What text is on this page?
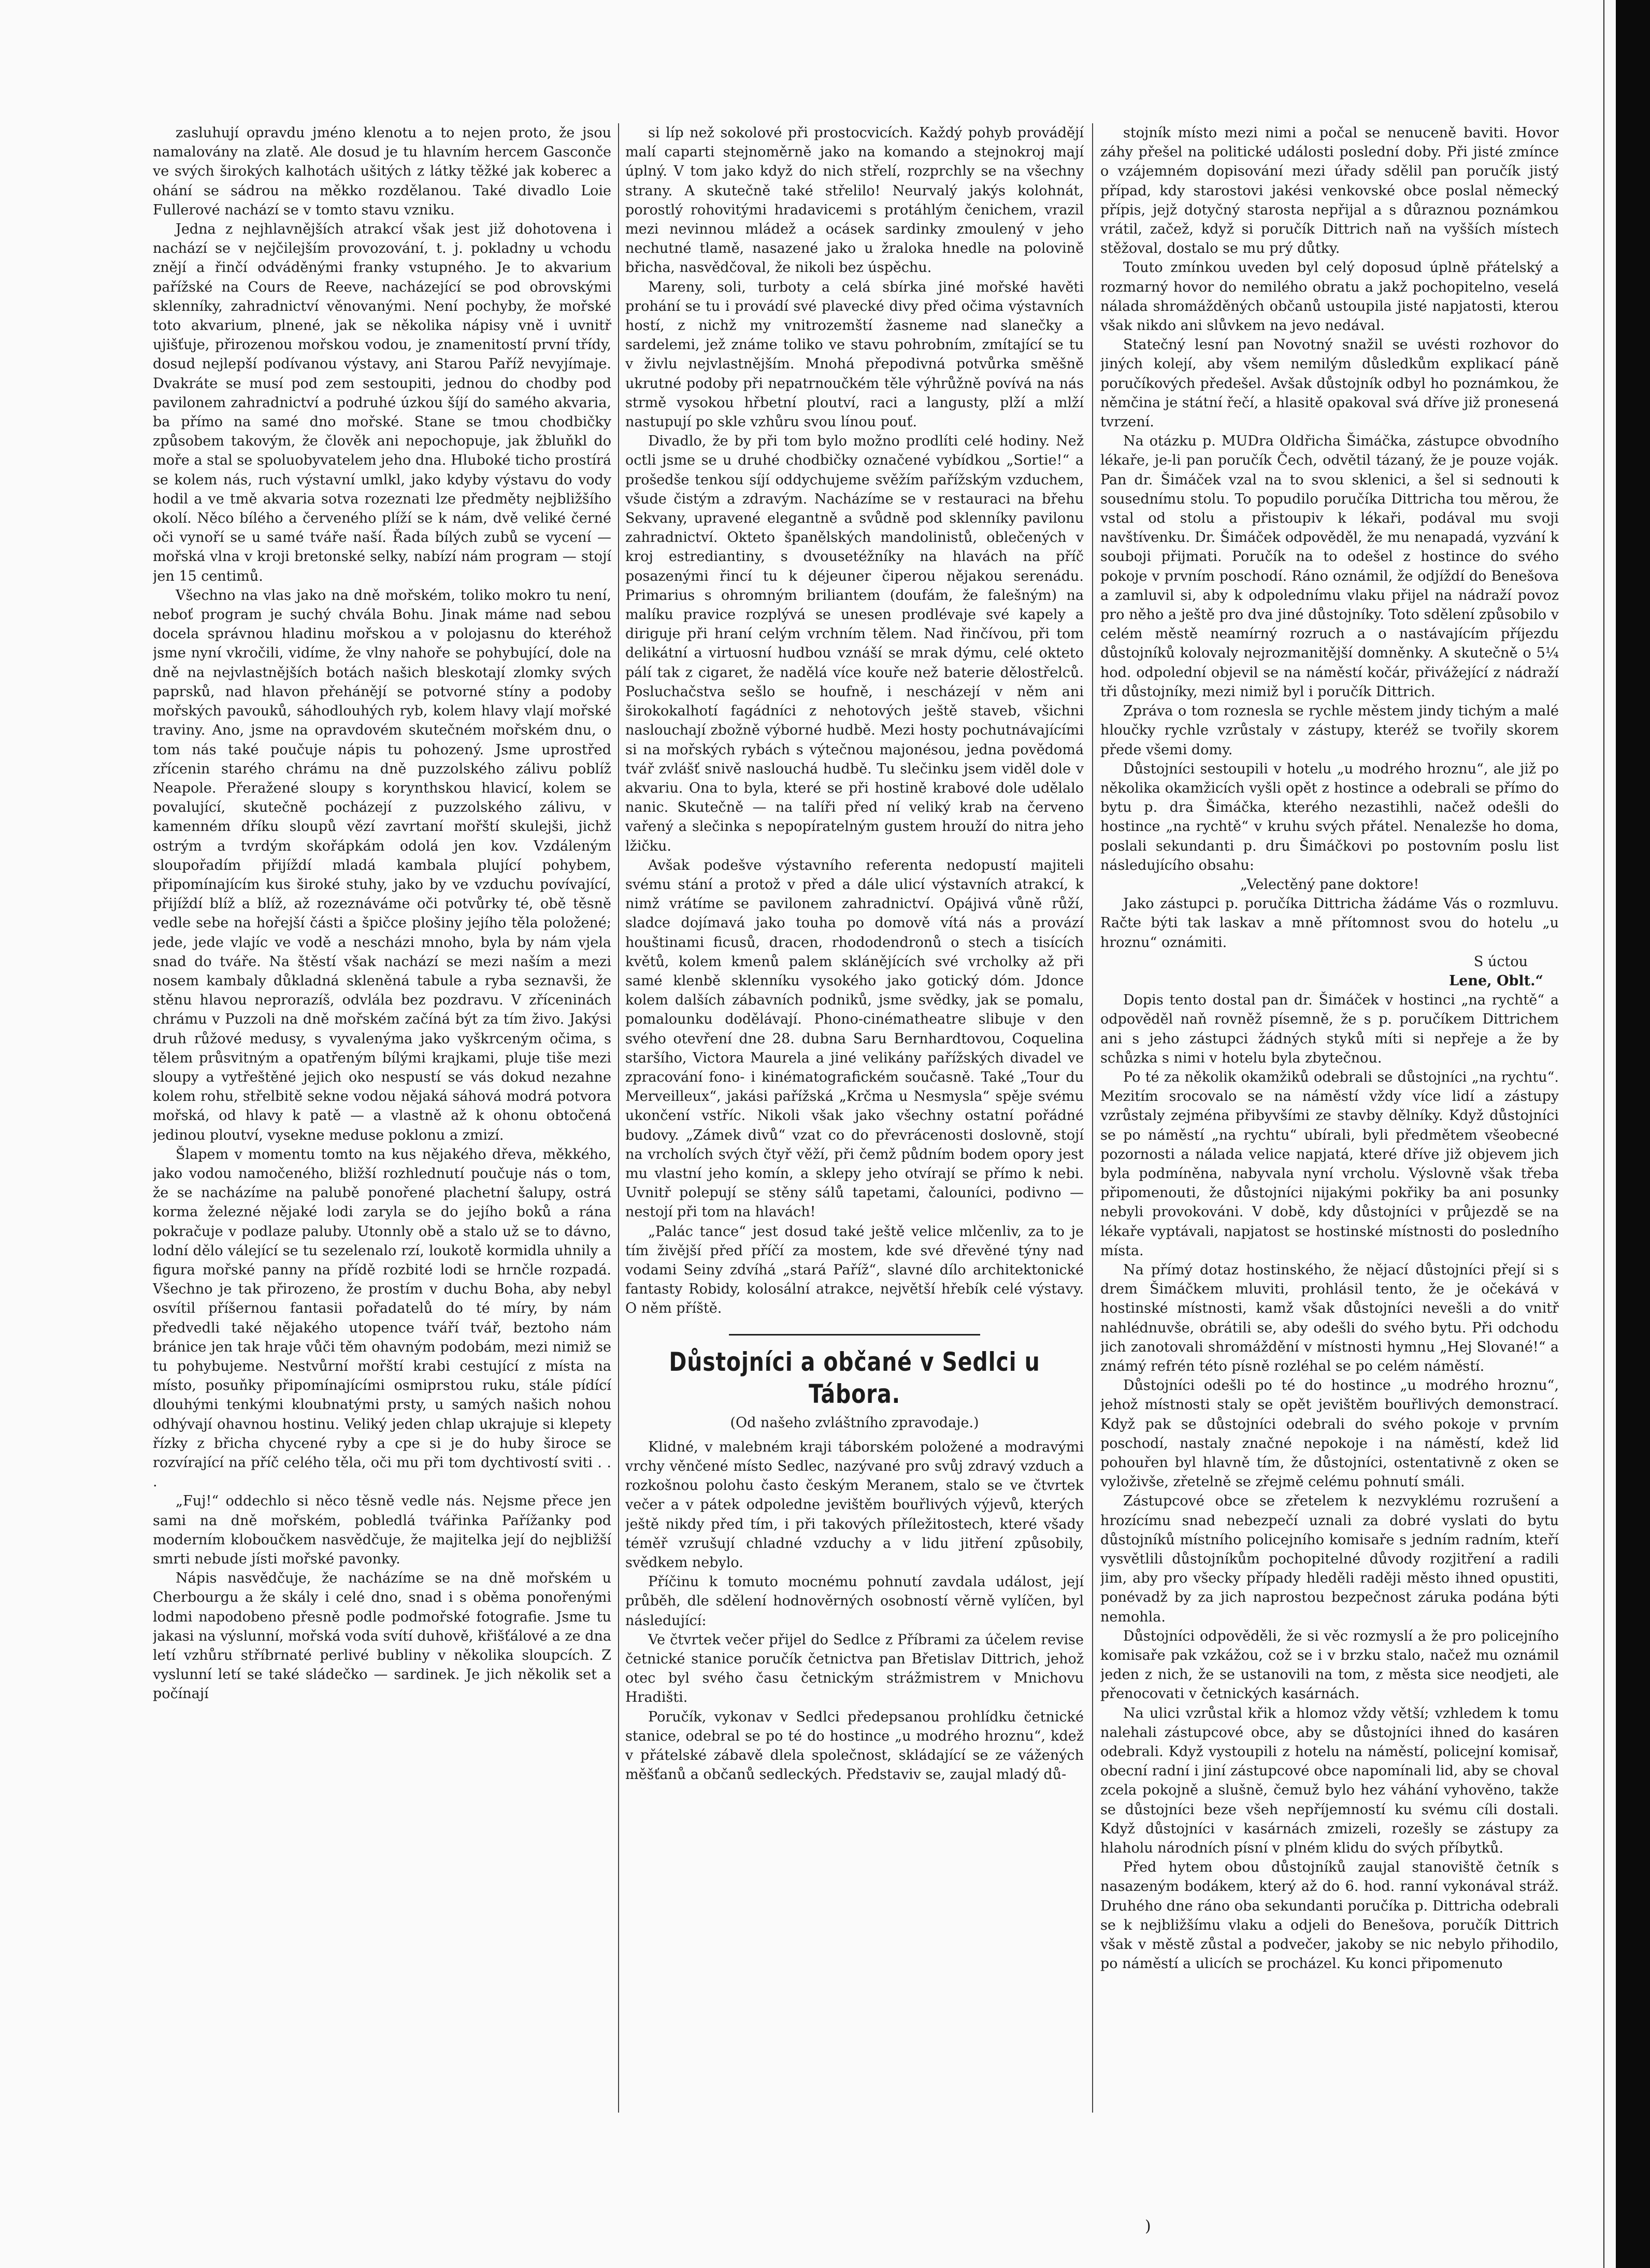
zasluhují opravdu jméno klenotu a to nejen proto, že jsou namalovány na zlatě. Ale dosud je tu hlavním hercem Gasconče ve svých širokých kalhotách ušitých z látky těžké jak koberec a ohání se sádrou na měkko rozdělanou. Také divadlo Loie Fullerové nachází se v tomto stavu vzniku.

Jedna z nejhlavnějších atrakcí však jest již dohotovena i nachází se v nejčilejším provozování, t. j. pokladny u vchodu znějí a řinčí odváděnými franky vstupného. Je to akvarium pařížské na Cours de Reeve, nacházející se pod obrovskými sklenníky, zahradnictví věnovanými. Není pochyby, že mořské toto akvarium, plnené, jak se několika nápisy vně i uvnitř ujišťuje, přirozenou mořskou vodou, je znamenitostí první třídy, dosud nejlepší podívanou výstavy, ani Starou Paříž nevyjímaje. Dvakráte se musí pod zem sestoupiti, jednou do chodby pod pavilonem zahradnictví a podruhé úzkou šíjí do samého akvaria, ba přímo na samé dno mořské. Stane se tmou chodbičky způsobem takovým, že člověk ani nepochopuje, jak žbluňkl do moře a stal se spoluobyvatelem jeho dna. Hluboké ticho prostírá se kolem nás, ruch výstavní umlkl, jako kdyby výstavu do vody hodil a ve tmě akvaria sotva rozeznati lze předměty nejbližšího okolí. Něco bílého a červeného plíží se k nám, dvě veliké černé oči vynoří se u samé tváře naší. Řada bílých zubů se vycení — mořská vlna v kroji bretonské selky, nabízí nám program — stojí jen 15 centimů.

Všechno na vlas jako na dně mořském, toliko mokro tu není, neboť program je suchý chvála Bohu. Jinak máme nad sebou docela správnou hladinu mořskou a v polojasnu do kteréhož jsme nyní vkročili, vidíme, že vlny nahoře se pohybující, dole na dně na nejvlastnějších botách našich bleskotají zlomky svých paprsků, nad hlavon přehánějí se potvorné stíny a podoby mořských pavouků, sáhodlouhých ryb, kolem hlavy vlají mořské traviny. Ano, jsme na opravdovém skutečném mořském dnu, o tom nás také poučuje nápis tu pohozený. Jsme uprostřed zřícenin starého chrámu na dně puzzolského zálivu poblíž Neapole. Přeražené sloupy s korynthskou hlavicí, kolem se povalující, skutečně pocházejí z puzzolského zálivu, v kamenném dříku sloupů vězí zavrtaní mořští skulejši, jichž ostrým a tvrdým skořápkám odolá jen kov. Vzdáleným sloupořadím přijíždí mladá kambala plující pohybem, připomínajícím kus široké stuhy, jako by ve vzduchu povívající, přijíždí blíž a blíž, až rozeznáváme oči potvůrky té, obě těsně vedle sebe na hořejší části a špičce plošiny jejího těla položené; jede, jede vlajíc ve vodě a nescházi mnoho, byla by nám vjela snad do tváře. Na štěstí však nachází se mezi naším a mezi nosem kambaly důkladná skleněná tabule a ryba seznavši, že stěnu hlavou neprorazíš, odvlála bez pozdravu. V zříceninách chrámu v Puzzoli na dně mořském začíná být za tím živo. Jakýsi druh růžové medusy, s vyvalenýma jako vyškrceným očima, s tělem průsvitným a opatřeným bílými krajkami, pluje tiše mezi sloupy a vytřeštěné jejich oko nespustí se vás dokud nezahne kolem rohu, střelbitě sekne vodou nějaká sáhová modrá potvora mořská, od hlavy k patě — a vlastně až k ohonu obtočená jedinou ploutví, vysekne meduse poklonu a zmizí.

Šlapem v momentu tomto na kus nějakého dřeva, měkkého, jako vodou namočeného, bližší rozhlednutí poučuje nás o tom, že se nacházíme na palubě ponořené plachetní šalupy, ostrá korma železné nějaké lodi zaryla se do jejího boků a rána pokračuje v podlaze paluby. Utonnly obě a stalo už se to dávno, lodní dělo válející se tu sezelenalo rzí, loukotě kormidla uhnily a figura mořské panny na přídě rozbité lodi se hrnčle rozpadá. Všechno je tak přirozeno, že prostím v duchu Boha, aby nebyl osvítil příšernou fantasii pořadatelů do té míry, by nám předvedli také nějakého utopence tváří tvář, beztoho nám bránice jen tak hraje vůči těm ohavným podobám, mezi nimiž se tu pohybujeme. Nestvůrní mořští krabi cestující z místa na místo, posuňky připomínajícími osmiprstou ruku, stále pídící dlouhými tenkými kloubnatými prsty, u samých našich nohou odhývají ohavnou hostinu. Veliký jeden chlap ukrajuje si klepety řízky z břicha chycené ryby a cpe si je do huby široce se rozvírající na příč celého těla, oči mu při tom dychtivostí sviti . . .

„Fuj!“ oddechlo si něco těsně vedle nás. Nejsme přece jen sami na dně mořském, pobledlá tvářinka Pařížanky pod moderním kloboučkem nasvědčuje, že majitelka její do nejbližší smrti nebude jísti mořské pavonky.

Nápis nasvědčuje, že nacházíme se na dně mořském u Cherbourgu a že skály i celé dno, snad i s oběma ponořenými lodmi napodobeno přesně podle podmořské fotografie. Jsme tu jakasi na výslunní, mořská voda svítí duhově, křišťálové a ze dna letí vzhůru stříbrnaté perlivé bubliny v několika sloupcích. Z vyslunní letí se také sládečko — sardinek. Je jich několik set a počínají

si líp než sokolové při prostocvicích. Každý pohyb provádějí malí caparti stejnoměrně jako na komando a stejnokroj mají úplný. V tom jako když do nich střelí, rozprchly se na všechny strany. A skutečně také střelilo! Neurvalý jakýs kolohnát, porostlý rohovitými hradavicemi s protáhlým čenichem, vrazil mezi nevinnou mládež a ocásek sardinky zmoulený v jeho nechutné tlamě, nasazené jako u žraloka hnedle na polovině břicha, nasvědčoval, že nikoli bez úspěchu.

Mareny, soli, turboty a celá sbírka jiné mořské havěti prohání se tu i provádí své plavecké divy před očima výstavních hostí, z nichž my vnitrozemští žasneme nad slanečky a sardelemi, jež známe toliko ve stavu pohrobním, zmítající se tu v živlu nejvlastnějším. Mnohá přepodivná potvůrka směšně ukrutné podoby při nepatrnoučkém těle výhrůžně povívá na nás strmě vysokou hřbetní ploutví, raci a langusty, plží a mlží nastupují po skle vzhůru svou línou pouť.

Divadlo, že by při tom bylo možno prodlíti celé hodiny. Než octli jsme se u druhé chodbičky označené vybídkou „Sortie!“ a prošedše tenkou síjí oddychujeme svěžím pařížským vzduchem, všude čistým a zdravým. Nacházíme se v restauraci na břehu Sekvany, upravené elegantně a svůdně pod sklenníky pavilonu zahradnictví. Okteto španělských mandolinistů, oblečených v kroj estrediantiny, s dvousetéžníky na hlavách na příč posazenými řincí tu k déjeuner čiperou nějakou serenádu. Primarius s ohromným briliantem (doufám, že falešným) na malíku pravice rozplývá se unesen prodlévaje své kapely a diriguje při hraní celým vrchním tělem. Nad řinčívou, při tom delikátní a virtuosní hudbou vznáší se mrak dýmu, celé okteto pálí tak z cigaret, že nadělá více kouře než baterie dělostřelců. Posluchačstva sešlo se houfně, i nescházejí v něm ani širokokalhotí fagádníci z nehotových ještě staveb, všichni naslouchají zbožně výborné hudbě. Mezi hosty pochutnávajícími si na mořských rybách s výtečnou majonésou, jedna povědomá tvář zvlášť snivě naslouchá hudbě. Tu slečinku jsem viděl dole v akvariu. Ona to byla, které se při hostině krabové dole udělalo nanic. Skutečně — na talíři před ní veliký krab na červeno vařený a slečinka s nepopíratelným gustem hrouží do nitra jeho lžičku.

Avšak podešve výstavního referenta nedopustí majiteli svému stání a protož v před a dále ulicí výstavních atrakcí, k nimž vrátíme se pavilonem zahradnictví. Opájivá vůně růží, sladce dojímavá jako touha po domově vítá nás a provází houštinami ficusů, dracen, rhododendronů o stech a tisících květů, kolem kmenů palem sklánějících své vrcholky až při samé klenbě sklenníku vysokého jako gotický dóm. Jdonce kolem dalších zábavních podniků, jsme svědky, jak se pomalu, pomalounku dodělávají. Phono-cinématheatre slibuje v den svého otevření dne 28. dubna Saru Bernhardtovou, Coquelina staršího, Victora Maurela a jiné velikány pařížských divadel ve zpracování fono- i kinématografickém současně. Také „Tour du Merveilleux“, jakási pařížská „Krčma u Nesmysla“ spěje svému ukončení vstříc. Nikoli však jako všechny ostatní pořádné budovy. „Zámek divů“ vzat co do převrácenosti doslovně, stojí na vrcholích svých čtyř věží, při čemž půdním bodem opory jest mu vlastní jeho komín, a sklepy jeho otvírají se přímo k nebi. Uvnitř polepují se stěny sálů tapetami, čalouníci, podivno — nestojí při tom na hlavách!

„Palác tance“ jest dosud také ještě velice mlčenliv, za to je tím živější před příčí za mostem, kde své dřevěné týny nad vodami Seiny zdvíhá „stará Paříž“, slavné dílo architektonické fantasty Robidy, kolosální atrakce, největší hřebík celé výstavy. O něm příště.

Důstojníci a občané v Sedlci u Tábora.

(Od našeho zvláštního zpravodaje.)

Klidné, v malebném kraji táborském položené a modravými vrchy věnčené místo Sedlec, nazývané pro svůj zdravý vzduch a rozkošnou polohu často českým Meranem, stalo se ve čtvrtek večer a v pátek odpoledne jevištěm bouřlivých výjevů, kterých ještě nikdy před tím, i při takových příležitostech, které všady téměř vzrušují chladné vzduchy a v lidu jitření způsobily, svědkem nebylo.

Příčinu k tomuto mocnému pohnutí zavdala událost, její průběh, dle sdělení hodnověrných osobností věrně vylíčen, byl následující:

Ve čtvrtek večer přijel do Sedlce z Příbrami za účelem revise četnické stanice poručík četnictva pan Břetislav Dittrich, jehož otec byl svého času četnickým strážmistrem v Mnichovu Hradišti.

Poručík, vykonav v Sedlci předepsanou prohlídku četnické stanice, odebral se po té do hostince „u modrého hroznu“, kdež v přátelské zábavě dlela společnost, skládající se ze vážených měšťanů a občanů sedleckých. Představiv se, zaujal mladý dů-

stojník místo mezi nimi a počal se nenuceně baviti. Hovor záhy přešel na politické události poslední doby. Při jisté zmínce o vzájemném dopisování mezi úřady sdělil pan poručík jistý případ, kdy starostovi jakési venkovské obce poslal německý přípis, jejž dotyčný starosta nepřijal a s důraznou poznámkou vrátil, začež, když si poručík Dittrich naň na vyšších místech stěžoval, dostalo se mu prý důtky.

Touto zmínkou uveden byl celý doposud úplně přátelský a rozmarný hovor do nemilého obratu a jakž pochopitelno, veselá nálada shromážděných občanů ustoupila jisté napjatosti, kterou však nikdo ani slůvkem na jevo nedával.

Statečný lesní pan Novotný snažil se uvésti rozhovor do jiných kolejí, aby všem nemilým důsledkům explikací páně poručíkových předešel. Avšak důstojník odbyl ho poznámkou, že němčina je státní řečí, a hlasitě opakoval svá dříve již pronesená tvrzení.

Na otázku p. MUDra Oldřicha Šimáčka, zástupce obvodního lékaře, je-li pan poručík Čech, odvětil tázaný, že je pouze voják. Pan dr. Šimáček vzal na to svou sklenici, a šel si sednouti k sousednímu stolu. To popudilo poručíka Dittricha tou měrou, že vstal od stolu a přistoupiv k lékaři, podával mu svoji navštívenku. Dr. Šimáček odpověděl, že mu nenapadá, vyzvání k souboji přijmati. Poručík na to odešel z hostince do svého pokoje v prvním poschodí. Ráno oznámil, že odjíždí do Benešova a zamluvil si, aby k odpolednímu vlaku přijel na nádraží povoz pro něho a ještě pro dva jiné důstojníky. Toto sdělení způsobilo v celém městě neamírný rozruch a o nastávajícím příjezdu důstojníků kolovaly nejrozmanitější domněnky. A skutečně o 5¼ hod. odpolední objevil se na náměstí kočár, přivážející z nádraží tři důstojníky, mezi nimiž byl i poručík Dittrich.

Zpráva o tom roznesla se rychle městem jindy tichým a malé hloučky rychle vzrůstaly v zástupy, kteréž se tvořily skorem přede všemi domy.

Důstojníci sestoupili v hotelu „u modrého hroznu“, ale již po několika okamžicích vyšli opět z hostince a odebrali se přímo do bytu p. dra Šimáčka, kterého nezastihli, načež odešli do hostince „na rychtě“ v kruhu svých přátel. Nenalezše ho doma, poslali sekundanti p. dru Šimáčkovi po postovním poslu list následujícího obsahu:

„Velectěný pane doktore!

Jako zástupci p. poručíka Dittricha žádáme Vás o rozmluvu. Račte býti tak laskav a mně přítomnost svou do hotelu „u hroznu“ oznámiti.

S úctou

Lene, Oblt.“

Dopis tento dostal pan dr. Šimáček v hostinci „na rychtě“ a odpověděl naň rovněž písemně, že s p. poručíkem Dittrichem ani s jeho zástupci žádných styků míti si nepřeje a že by schůzka s nimi v hotelu byla zbytečnou.

Po té za několik okamžiků odebrali se důstojníci „na rychtu“. Mezitím srocovalo se na náměstí vždy více lidí a zástupy vzrůstaly zejména přibyvšími ze stavby dělníky. Když důstojníci se po náměstí „na rychtu“ ubírali, byli předmětem všeobecné pozornosti a nálada velice napjatá, které dříve již objevem jich byla podmíněna, nabyvala nyní vrcholu. Výslovně však třeba připomenouti, že důstojníci nijakými pokřiky ba ani posunky nebyli provokováni. V době, kdy důstojníci v průjezdě se na lékaře vyptávali, napjatost se hostinské místnosti do posledního místa.

Na přímý dotaz hostinského, že nějací důstojníci přejí si s drem Šimáčkem mluviti, prohlásil tento, že je očekává v hostinské místnosti, kamž však důstojníci nevešli a do vnitř nahlédnuvše, obrátili se, aby odešli do svého bytu. Při odchodu jich zanotovali shromáždění v místnosti hymnu „Hej Slované!“ a známý refrén této písně rozléhal se po celém náměstí.

Důstojníci odešli po té do hostince „u modrého hroznu“, jehož místnosti staly se opět jevištěm bouřlivých demonstrací. Když pak se důstojníci odebrali do svého pokoje v prvním poschodí, nastaly značné nepokoje i na náměstí, kdež lid pohouřen byl hlavně tím, že důstojníci, ostentativně z oken se vyloživše, zřetelně se zřejmě celému pohnutí smáli.

Zástupcové obce se zřetelem k nezvyklému rozrušení a hrozícímu snad nebezpečí uznali za dobré vyslati do bytu důstojníků místního policejního komisaře s jedním radním, kteří vysvětlili důstojníkům pochopitelné důvody rozjitření a radili jim, aby pro všecky případy hleděli raději město ihned opustiti, ponévadž by za jich naprostou bezpečnost záruka podána býti nemohla.

Důstojníci odpověděli, že si věc rozmyslí a že pro policejního komisaře pak vzkážou, což se i v brzku stalo, načež mu oznámil jeden z nich, že se ustanovili na tom, z města sice neodjeti, ale přenocovati v četnických kasárnách.

Na ulici vzrůstal křik a hlomoz vždy větší; vzhledem k tomu nalehali zástupcové obce, aby se důstojníci ihned do kasáren odebrali. Když vystoupili z hotelu na náměstí, policejní komisař, obecní radní i jiní zástupcové obce napomínali lid, aby se choval zcela pokojně a slušně, čemuž bylo hez váhání vyhověno, takže se důstojníci beze všeh nepříjemností ku svému cíli dostali. Když důstojníci v kasárnách zmizeli, rozešly se zástupy za hlaholu národních písní v plném klidu do svých příbytků.

Před hytem obou důstojníků zaujal stanoviště četník s nasazeným bodákem, který až do 6. hod. ranní vykonával stráž. Druhého dne ráno oba sekundanti poručíka p. Dittricha odebrali se k nejbližšímu vlaku a odjeli do Benešova, poručík Dittrich však v městě zůstal a podvečer, jakoby se nic nebylo přihodilo, po náměstí a ulicích se procházel. Ku konci připomenuto

)
